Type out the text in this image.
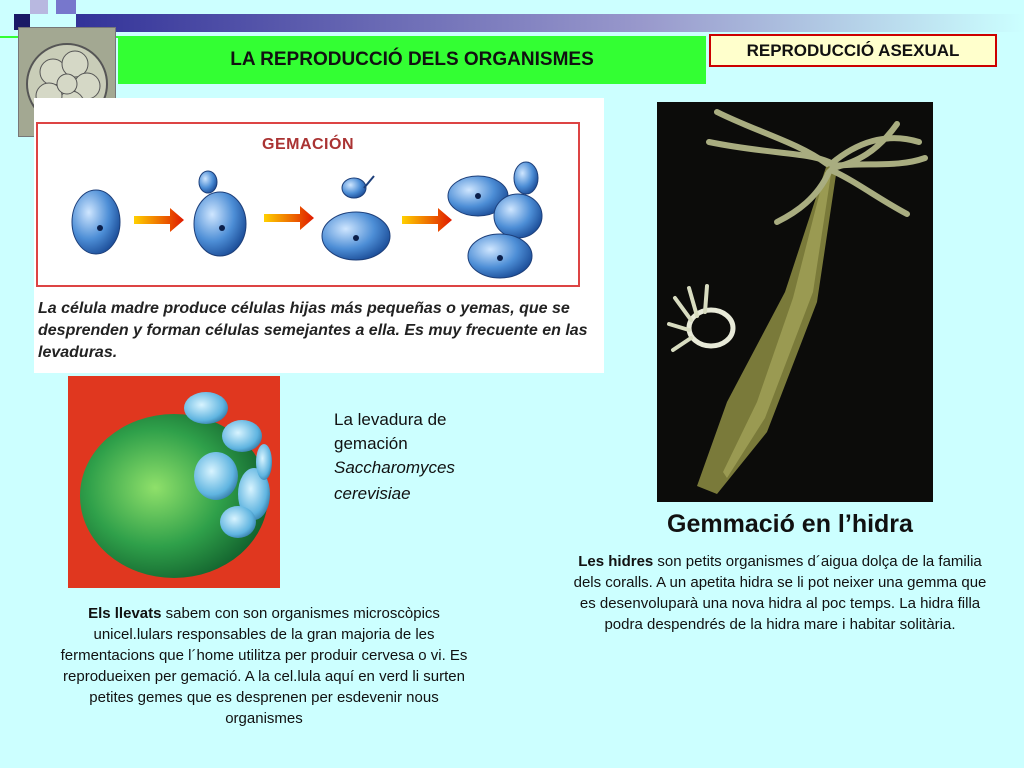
LA REPRODUCCIÓ DELS ORGANISMES	REPRODUCCIÓ ASEXUAL
GEMACIÓN
La célula madre produce células hijas más pequeñas o yemas, que se desprenden y forman células semejantes a ella. Es muy frecuente en las levaduras.
La levadura de
gemación
Saccharomyces
cerevisiae
Gemmació en l’hidra
Les hidres son petits organismes d´aigua dolça de la familia dels coralls. A un apetita hidra se li pot neixer una gemma que es desenvoluparà una nova hidra al poc temps. La hidra filla podra despendrés de la hidra mare i habitar solitària.
Els llevats sabem con son organismes microscòpics unicel.lulars responsables de la gran majoria de les fermentacions que l´home utilitza per produir cervesa o vi. Es reprodueixen per gemació. A la cel.lula aquí en verd li surten petites gemes que es desprenen per esdevenir nous organismes
